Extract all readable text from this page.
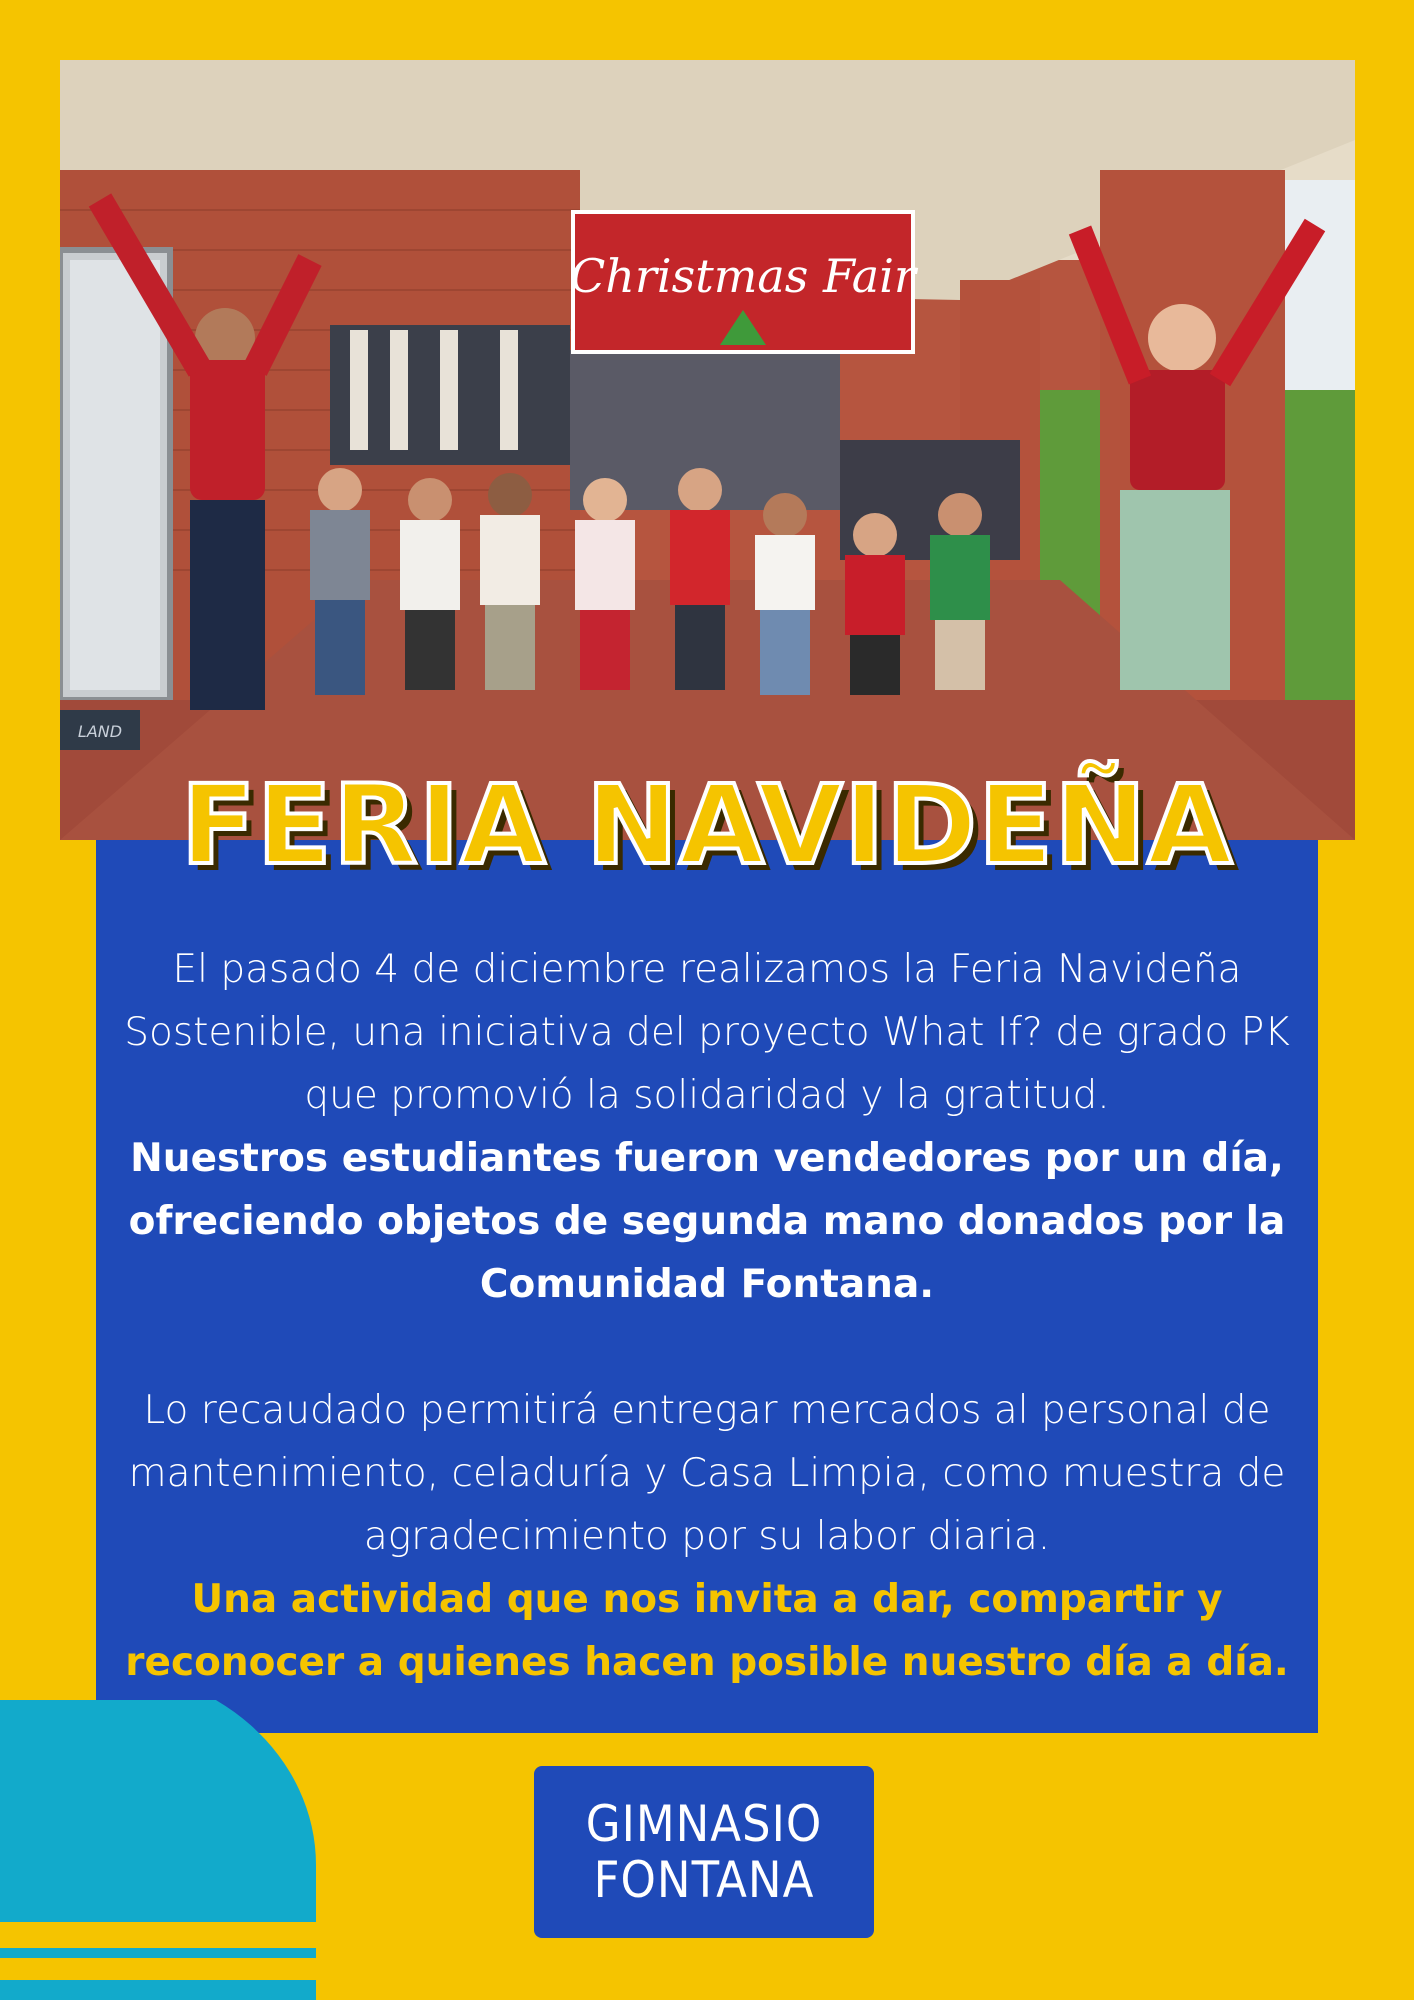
Christmas Fair
LAND
FERIA NAVIDEÑA

El pasado 4 de diciembre realizamos la Feria Navideña Sostenible, una iniciativa del proyecto What If? de grado PK que promovió la solidaridad y la gratitud.

Nuestros estudiantes fueron vendedores por un día, ofreciendo objetos de segunda mano donados por la Comunidad Fontana.

Lo recaudado permitirá entregar mercados al personal de mantenimiento, celaduría y Casa Limpia, como muestra de agradecimiento por su labor diaria.

Una actividad que nos invita a dar, compartir y reconocer a quienes hacen posible nuestro día a día.

GIMNASIO
FONTANA
